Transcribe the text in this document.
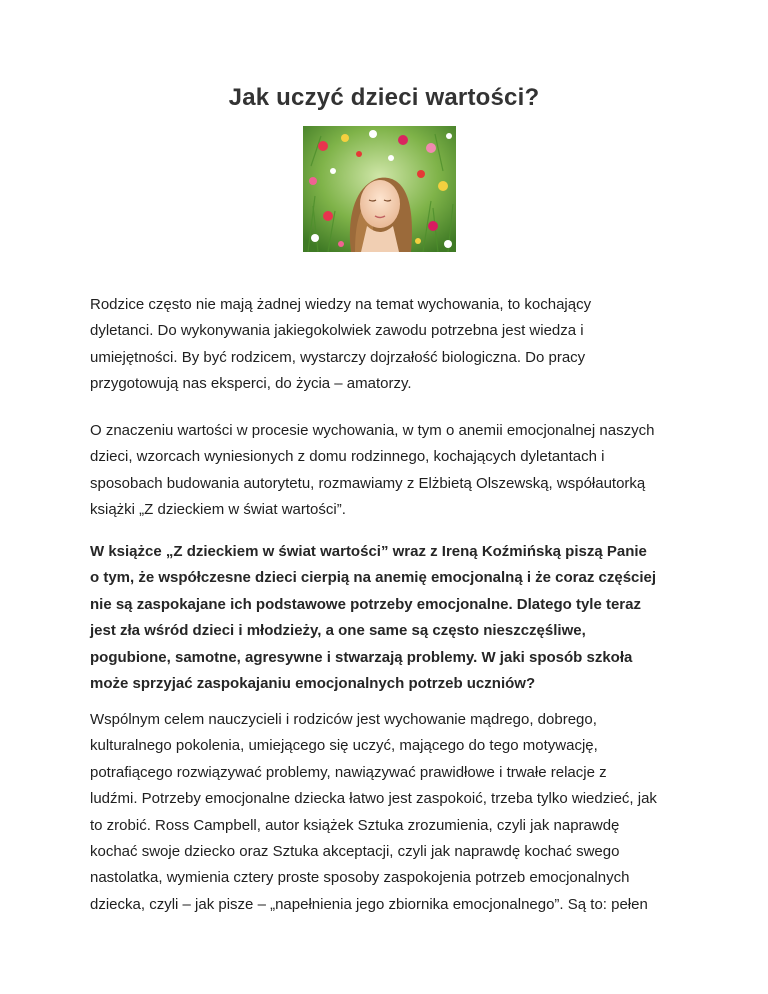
Jak uczyć dzieci wartości?

Rodzice często nie mają żadnej wiedzy na temat wychowania, to kochający
dyletanci. Do wykonywania jakiegokolwiek zawodu potrzebna jest wiedza i
umiejętności. By być rodzicem, wystarczy dojrzałość biologiczna. Do pracy
przygotowują nas eksperci, do życia – amatorzy.

O znaczeniu wartości w procesie wychowania, w tym o anemii emocjonalnej naszych
dzieci, wzorcach wyniesionych z domu rodzinnego, kochających dyletantach i
sposobach budowania autorytetu, rozmawiamy z Elżbietą Olszewską, współautorką
książki „Z dzieckiem w świat wartości”.

W książce „Z dzieckiem w świat wartości” wraz z Ireną Koźmińską piszą Panie
o tym, że współczesne dzieci cierpią na anemię emocjonalną i że coraz częściej
nie są zaspokajane ich podstawowe potrzeby emocjonalne. Dlatego tyle teraz
jest zła wśród dzieci i młodzieży, a one same są często nieszczęśliwe,
pogubione, samotne, agresywne i stwarzają problemy. W jaki sposób szkoła
może sprzyjać zaspokajaniu emocjonalnych potrzeb uczniów?

Wspólnym celem nauczycieli i rodziców jest wychowanie mądrego, dobrego,
kulturalnego pokolenia, umiejącego się uczyć, mającego do tego motywację,
potrafiącego rozwiązywać problemy, nawiązywać prawidłowe i trwałe relacje z
ludźmi. Potrzeby emocjonalne dziecka łatwo jest zaspokoić, trzeba tylko wiedzieć, jak
to zrobić. Ross Campbell, autor książek Sztuka zrozumienia, czyli jak naprawdę
kochać swoje dziecko oraz Sztuka akceptacji, czyli jak naprawdę kochać swego
nastolatka, wymienia cztery proste sposoby zaspokojenia potrzeb emocjonalnych
dziecka, czyli – jak pisze – „napełnienia jego zbiornika emocjonalnego”. Są to: pełen
